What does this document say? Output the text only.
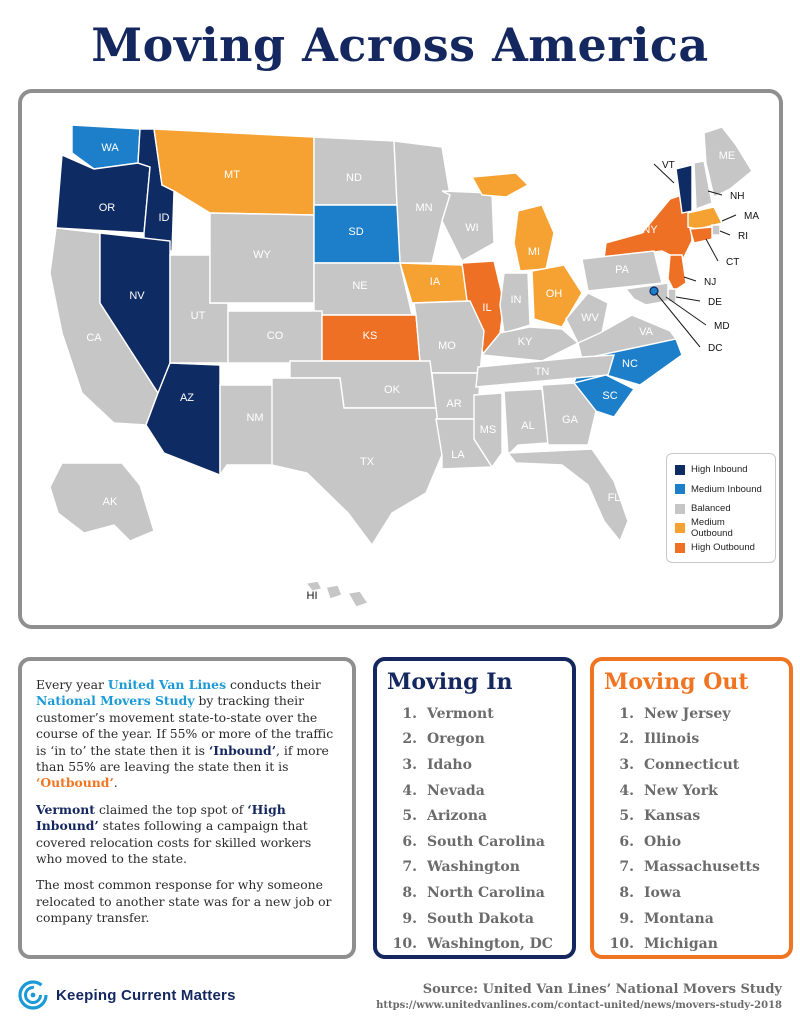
Moving Across America
WA
OR
ID
MT	ND
MN
WI
MI
NY
VT
NH
ME
MA
RI
CT
NJ
PA
DE
MD
DC
CA
NV
UT
WY
SD
IA
IL
IN OH
WV
VA
NE
CO	KS
MO	KY
NC
AZ
NM
OK
AR
TN
SC
TX
LA
MS AL GA
FL
AK
HI
High Inbound
Medium Inbound
Balanced
Medium Outbound
High Outbound

Every year United Van Lines conducts their National Movers Study by tracking their customer’s movement state-to-state over the course of the year. If 55% or more of the traffic is ‘in to’ the state then it is ‘Inbound’, if more than 55% are leaving the state then it is ‘Outbound’.

Vermont claimed the top spot of ‘High Inbound’ states following a campaign that covered relocation costs for skilled workers who moved to the state.

The most common response for why someone relocated to another state was for a new job or company transfer.

Moving In
1. Vermont
2. Oregon
3. Idaho
4. Nevada
5. Arizona
6. South Carolina
7. Washington
8. North Carolina
9. South Dakota
10. Washington, DC
Moving Out
1. New Jersey
2. Illinois
3. Connecticut
4. New York
5. Kansas
6. Ohio
7. Massachusetts
8. Iowa
9. Montana
10. Michigan
Keeping Current Matters	Source: United Van Lines’ National Movers Study
https://www.unitedvanlines.com/contact-united/news/movers-study-2018
